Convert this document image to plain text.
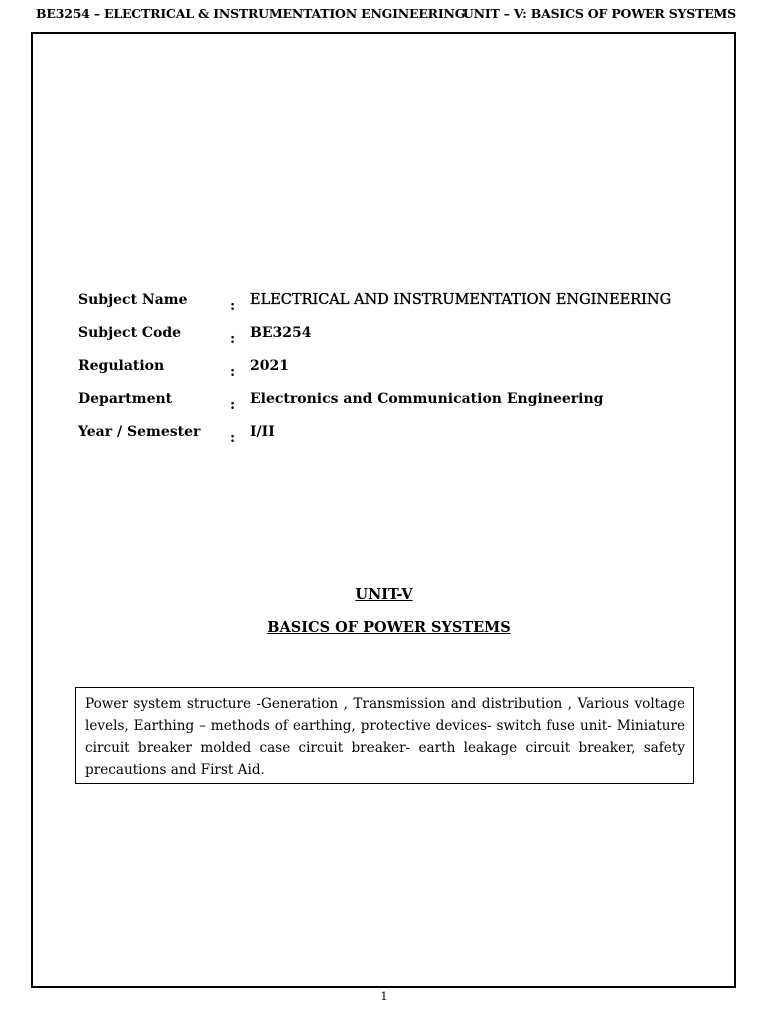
BE3254 – ELECTRICAL & INSTRUMENTATION ENGINEERING
UNIT – V: BASICS OF POWER SYSTEMS
Subject Name	: ELECTRICAL AND INSTRUMENTATION ENGINEERING
Subject Code	: BE3254
Regulation	: 2021
Department	: Electronics and Communication Engineering
Year / Semester : I/II
UNIT-V
BASICS OF POWER SYSTEMS
Power system structure -Generation , Transmission and distribution , Various voltage levels, Earthing – methods of earthing, protective devices- switch fuse unit- Miniature circuit breaker molded case circuit breaker- earth leakage circuit breaker, safety precautions and First Aid.
1
